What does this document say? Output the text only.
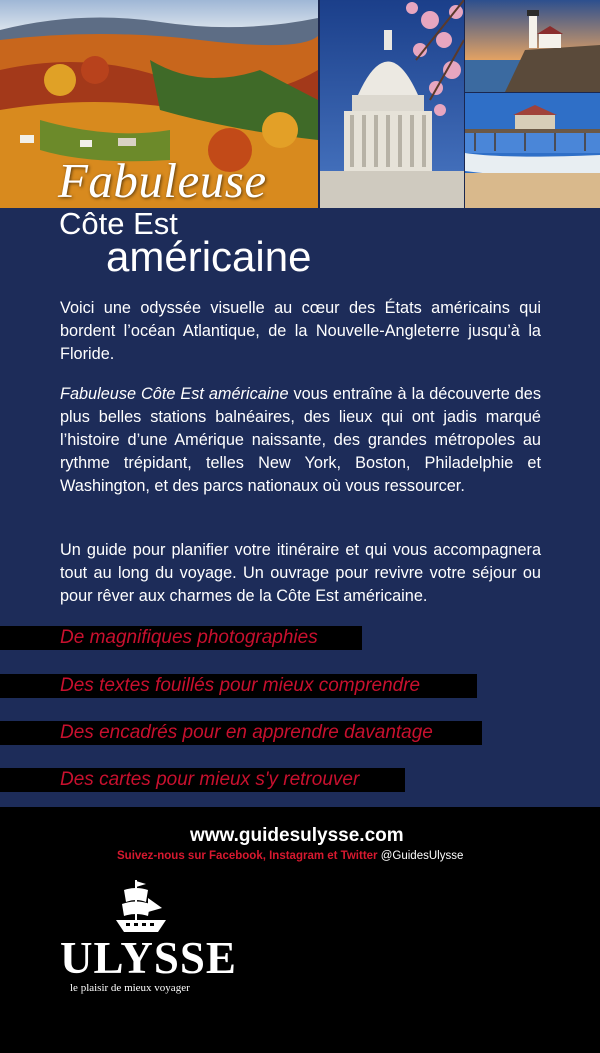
Fabuleuse
Côte Est
américaine

Voici une odyssée visuelle au cœur des États américains qui bordent l’océan Atlantique, de la Nouvelle-Angleterre jusqu’à la Floride.

Fabuleuse Côte Est américaine vous entraîne à la découverte des plus belles stations balnéaires, des lieux qui ont jadis marqué l’histoire d’une Amérique naissante, des grandes métropoles au rythme trépidant, telles New York, Boston, Philadelphie et Washington, et des parcs nationaux où vous ressourcer.

Un guide pour planifier votre itinéraire et qui vous accompagnera tout au long du voyage. Un ouvrage pour revivre votre séjour ou pour rêver aux charmes de la Côte Est américaine.

De magnifiques photographies
Des textes fouillés pour mieux comprendre
Des encadrés pour en apprendre davantage
Des cartes pour mieux s'y retrouver
www.guidesulysse.com
Suivez-nous sur Facebook, Instagram et Twitter @GuidesUlysse
ULYSSE
le plaisir de mieux voyager
